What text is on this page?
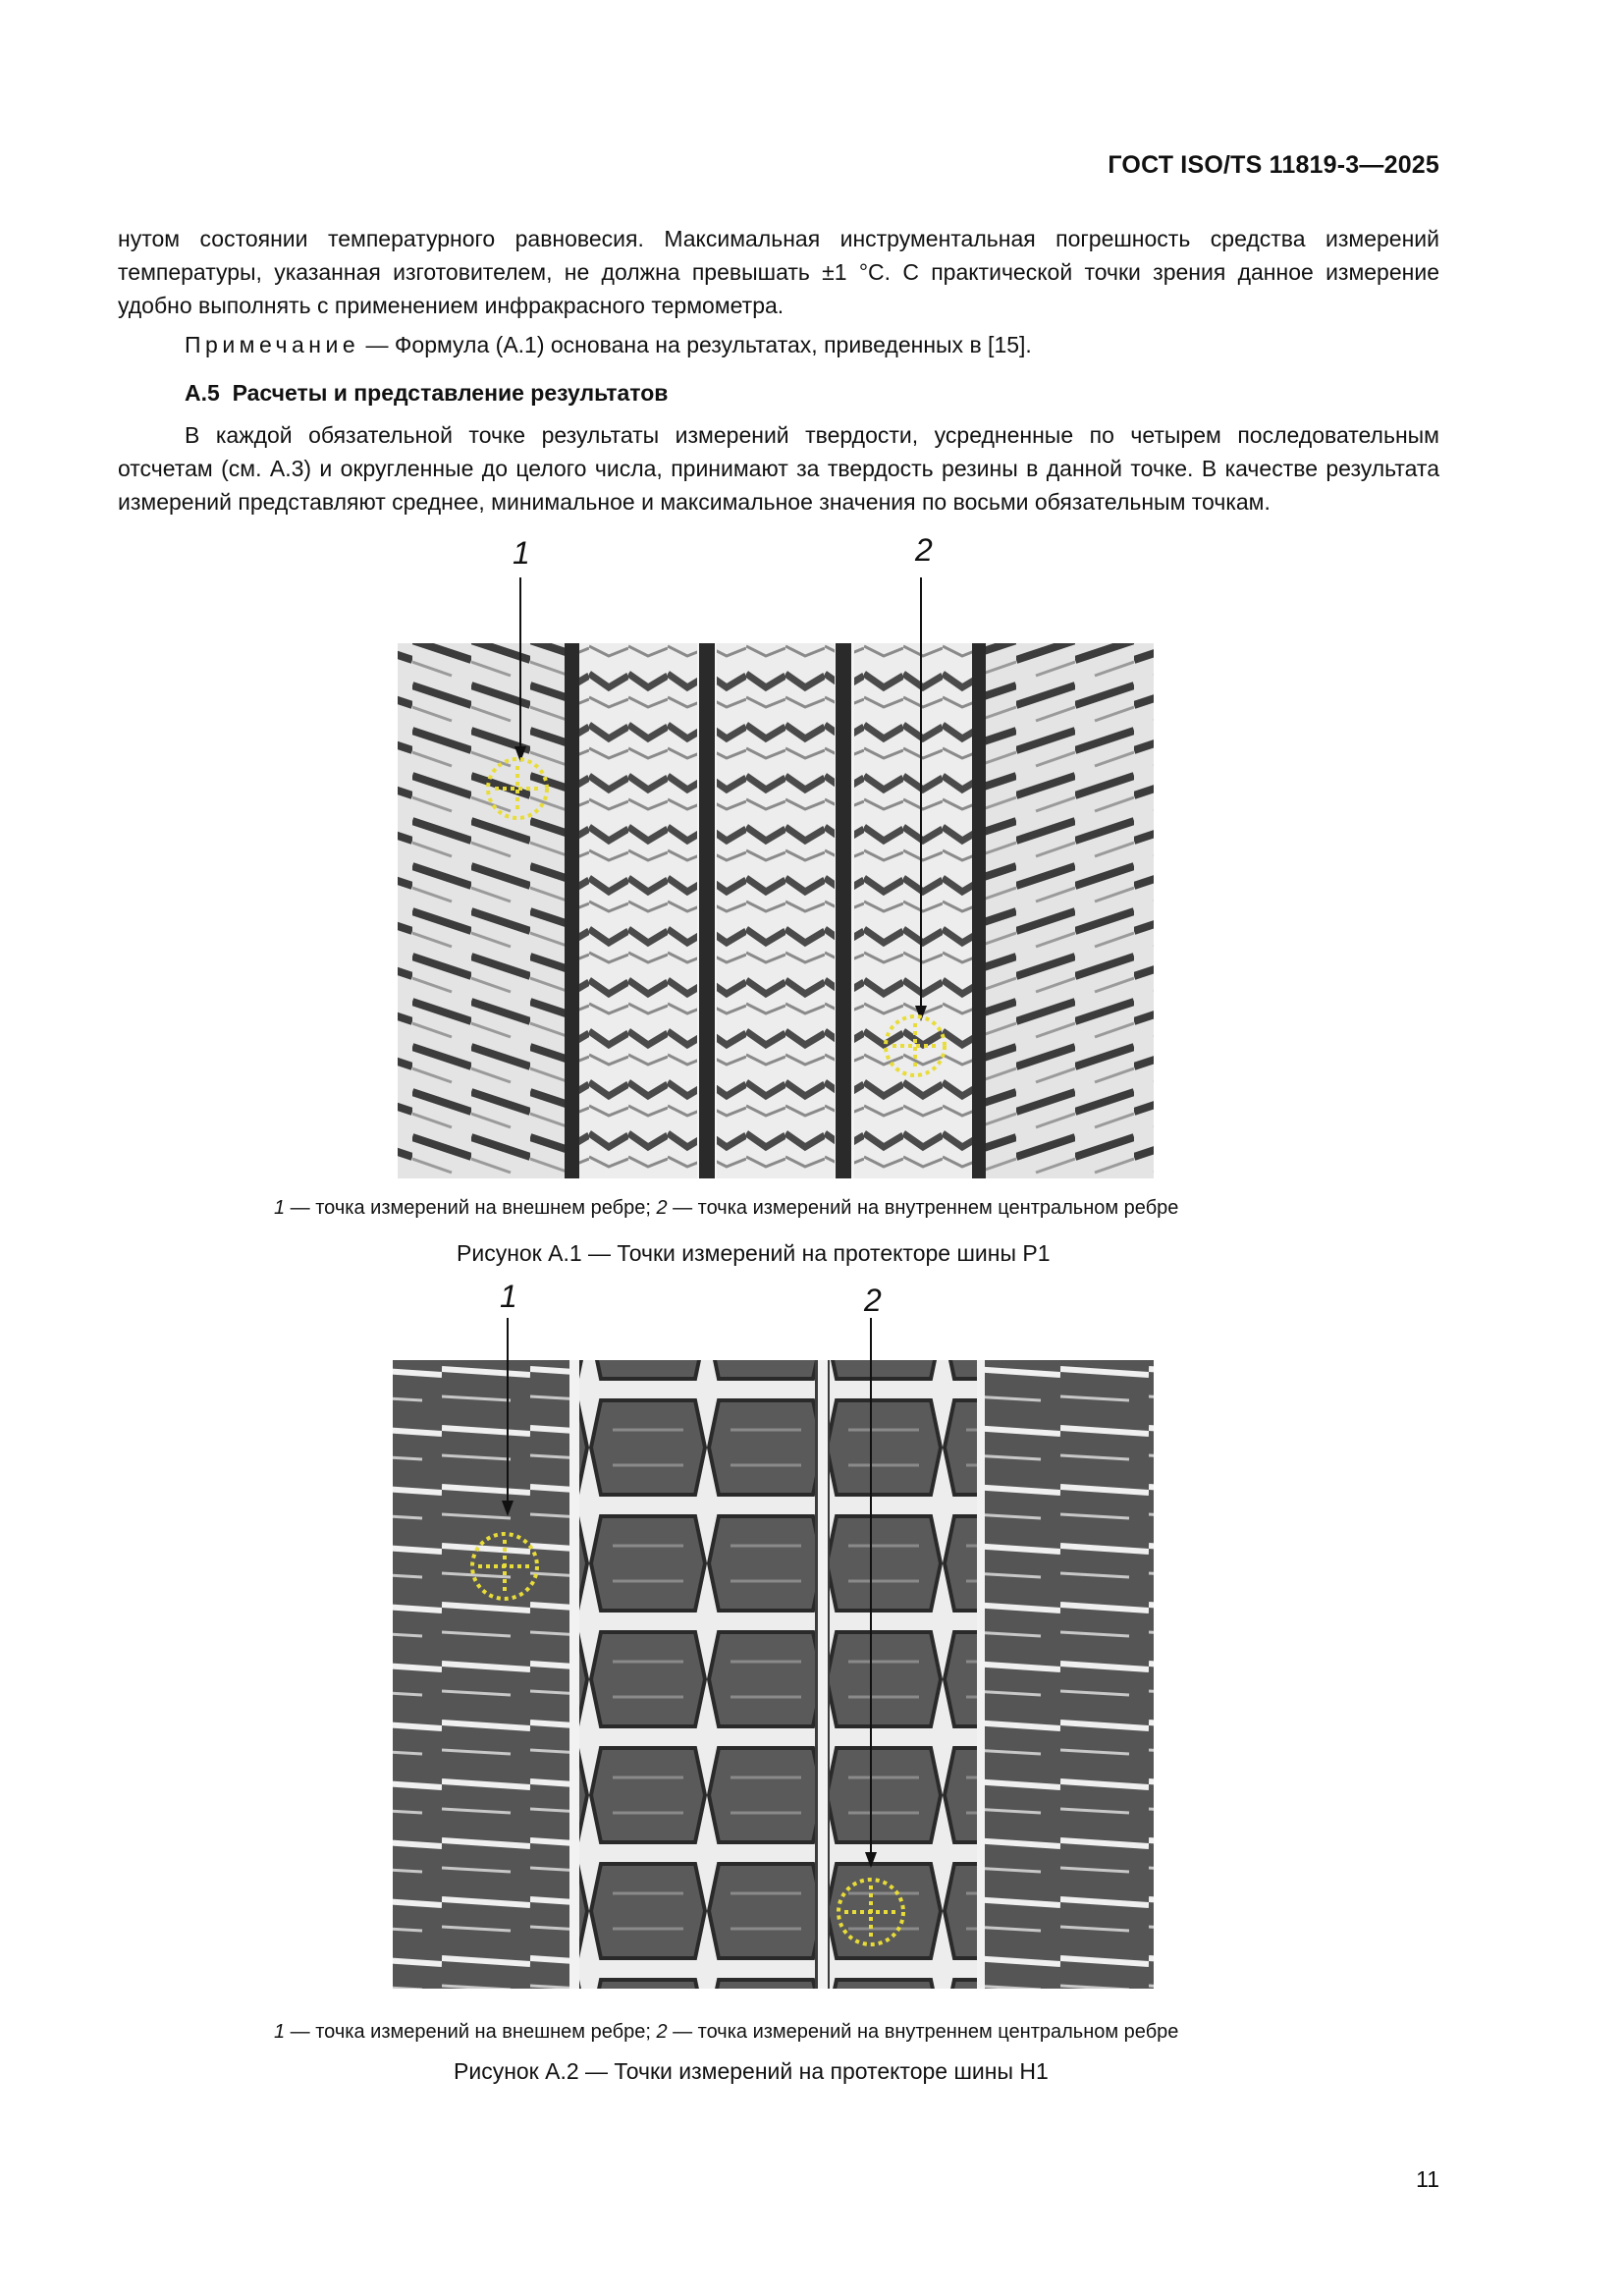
ГОСТ ISO/TS 11819-3—2025
нутом состоянии температурного равновесия. Максимальная инструментальная погрешность средства измерений температуры, указанная изготовителем, не должна превышать ±1 °С. С практической точки зрения данное измерение удобно выполнять с применением инфракрасного термометра.
Примечание — Формула (А.1) основана на результатах, приведенных в [15].
А.5 Расчеты и представление результатов
В каждой обязательной точке результаты измерений твердости, усредненные по четырем последовательным отсчетам (см. А.3) и округленные до целого числа, принимают за твердость резины в данной точке. В качестве результата измерений представляют среднее, минимальное и максимальное значения по восьми обязательным точкам.
1	2
1 — точка измерений на внешнем ребре; 2 — точка измерений на внутреннем центральном ребре
Рисунок А.1 — Точки измерений на протекторе шины Р1
1	2
1 — точка измерений на внешнем ребре; 2 — точка измерений на внутреннем центральном ребре
Рисунок А.2 — Точки измерений на протекторе шины Н1
11
